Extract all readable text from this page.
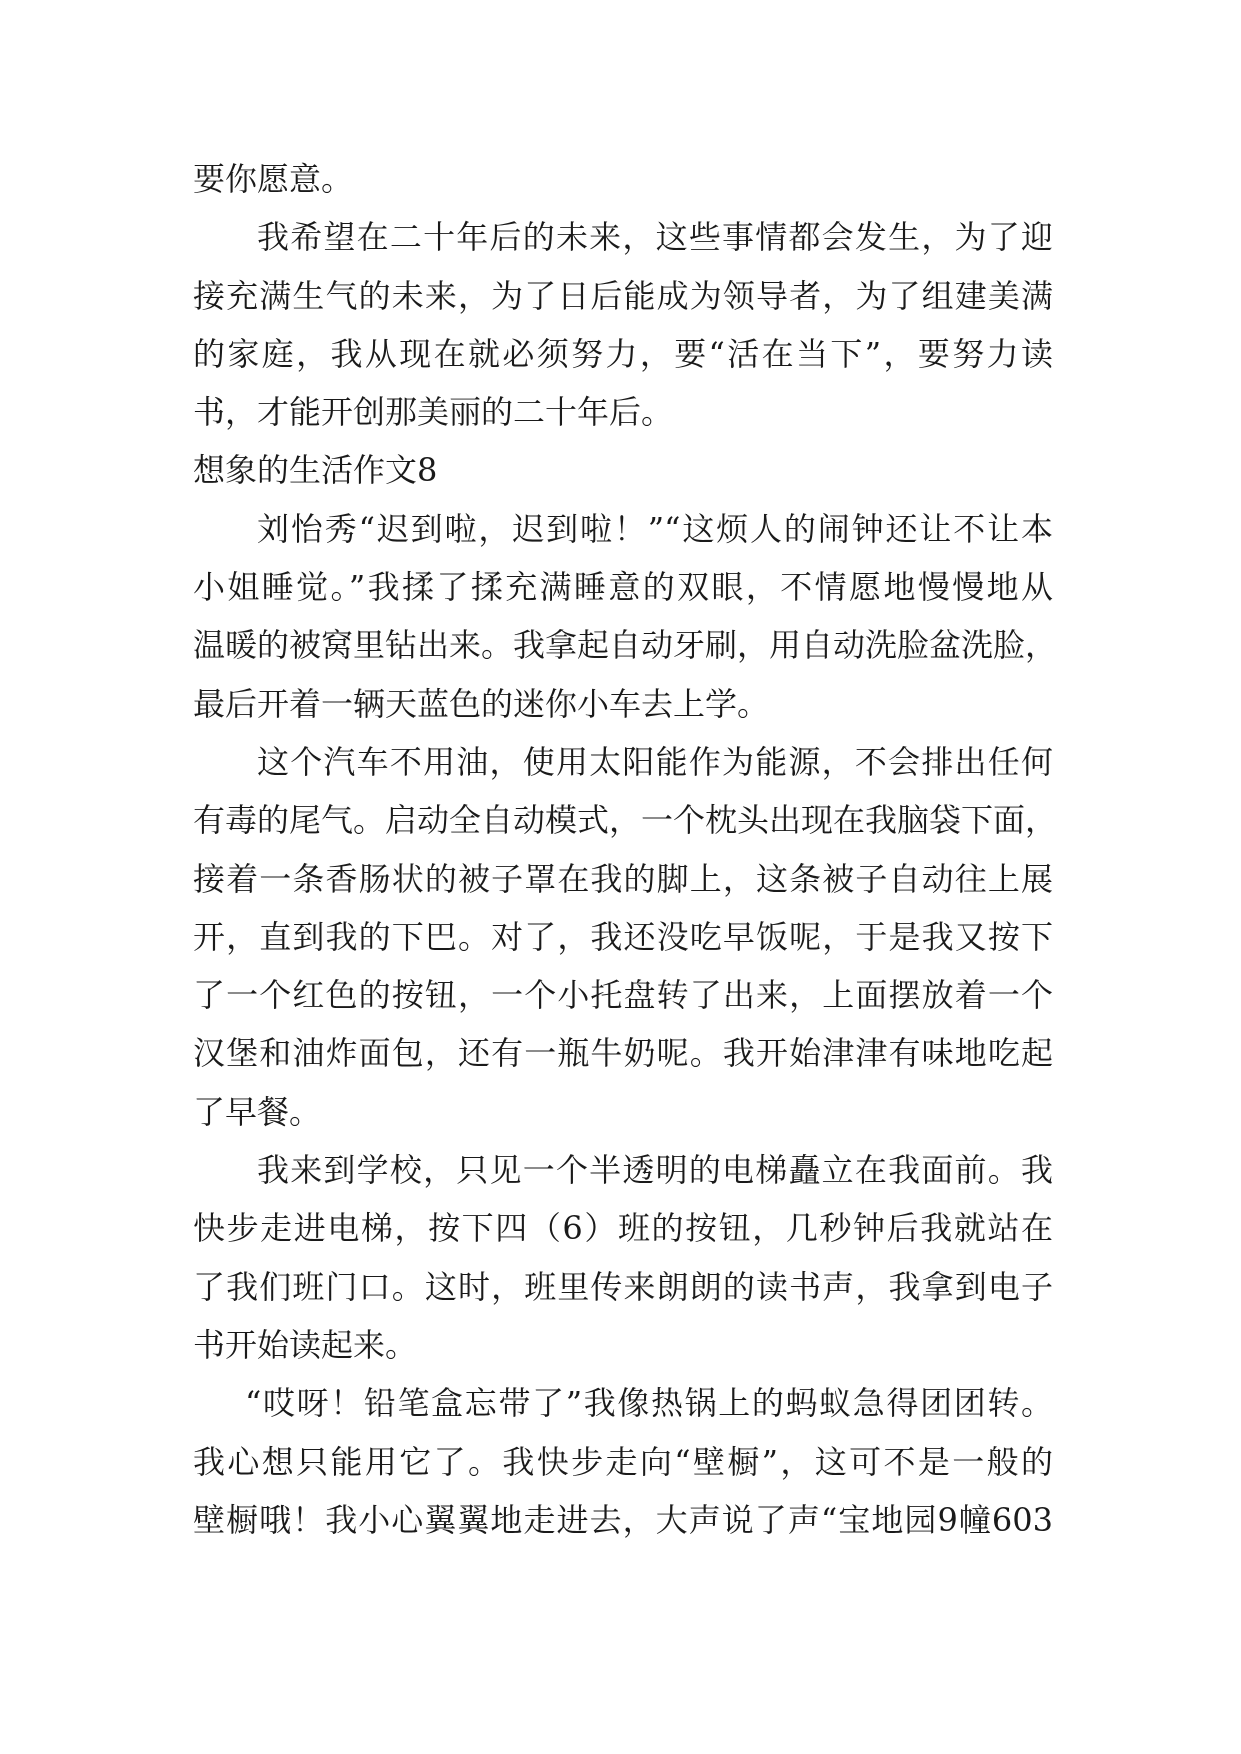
要你愿意。
我希望在二十年后的未来，这些事情都会发生，为了迎
接充满生气的未来，为了日后能成为领导者，为了组建美满
的家庭，我从现在就必须努力，要“活在当下”，要努力读
书，才能开创那美丽的二十年后。
想象的生活作文8
刘怡秀“迟到啦，迟到啦！”“这烦人的闹钟还让不让本
小姐睡觉。”我揉了揉充满睡意的双眼，不情愿地慢慢地从
温暖的被窝里钻出来。我拿起自动牙刷，用自动洗脸盆洗脸，
最后开着一辆天蓝色的迷你小车去上学。
这个汽车不用油，使用太阳能作为能源，不会排出任何
有毒的尾气。启动全自动模式，一个枕头出现在我脑袋下面，
接着一条香肠状的被子罩在我的脚上，这条被子自动往上展
开，直到我的下巴。对了，我还没吃早饭呢，于是我又按下
了一个红色的按钮，一个小托盘转了出来，上面摆放着一个
汉堡和油炸面包，还有一瓶牛奶呢。我开始津津有味地吃起
了早餐。
我来到学校，只见一个半透明的电梯矗立在我面前。我
快步走进电梯，按下四（6）班的按钮，几秒钟后我就站在
了我们班门口。这时，班里传来朗朗的读书声，我拿到电子
书开始读起来。
“哎呀！铅笔盒忘带了”我像热锅上的蚂蚁急得团团转。
我心想只能用它了。我快步走向“壁橱”，这可不是一般的
壁橱哦！我小心翼翼地走进去，大声说了声“宝地园9幢603
